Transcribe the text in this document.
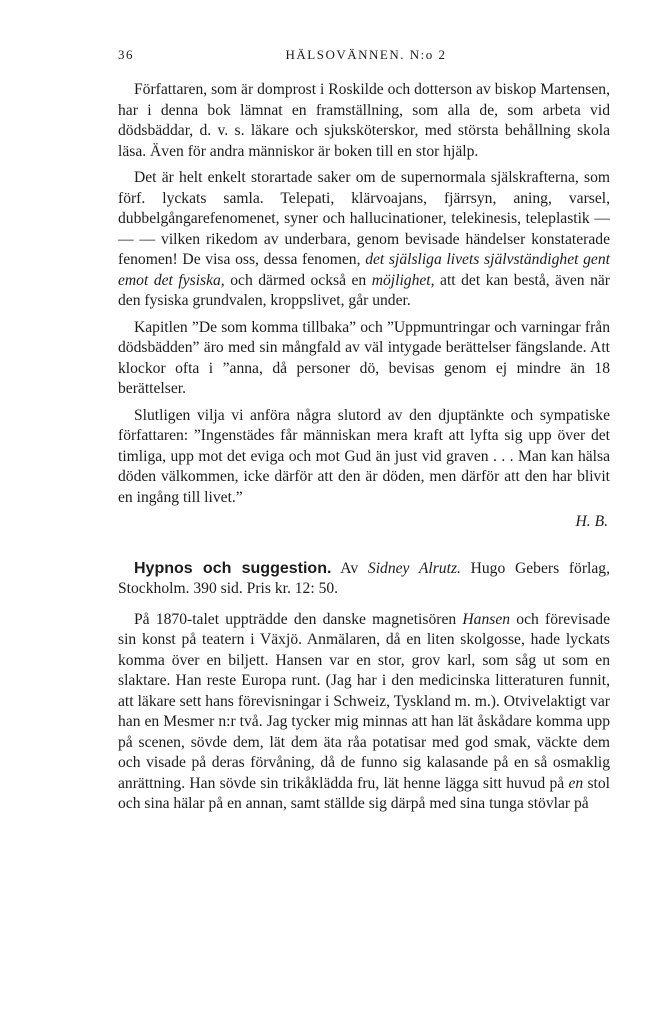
36	HÄLSOVÄNNEN. N:o 2

Författaren, som är domprost i Roskilde och dotterson av biskop Martensen, har i denna bok lämnat en framställning, som alla de, som arbeta vid dödsbäddar, d. v. s. läkare och sjuksköterskor, med största behållning skola läsa. Även för andra människor är boken till en stor hjälp.

Det är helt enkelt storartade saker om de supernormala själskrafterna, som förf. lyckats samla. Telepati, klärvoajans, fjärrsyn, aning, varsel, dubbelgångarefenomenet, syner och hallucinationer, telekinesis, teleplastik — — — vilken rikedom av underbara, genom bevisade händelser konstaterade fenomen! De visa oss, dessa fenomen, det själsliga livets självständighet gent emot det fysiska, och därmed också en möjlighet, att det kan bestå, även när den fysiska grundvalen, kroppslivet, går under.

Kapitlen ”De som komma tillbaka” och ”Uppmuntringar och varningar från dödsbädden” äro med sin mångfald av väl intygade berättelser fängslande. Att klockor ofta i ”anna, då personer dö, bevisas genom ej mindre än 18 berättelser.

Slutligen vilja vi anföra några slutord av den djuptänkte och sympatiske författaren: ”Ingenstädes får människan mera kraft att lyfta sig upp över det timliga, upp mot det eviga och mot Gud än just vid graven . . . Man kan hälsa döden välkommen, icke därför att den är döden, men därför att den har blivit en ingång till livet.”

H. B.

Hypnos och suggestion. Av Sidney Alrutz. Hugo Gebers förlag, Stockholm. 390 sid. Pris kr. 12: 50.

På 1870-talet uppträdde den danske magnetisören Hansen och förevisade sin konst på teatern i Växjö. Anmälaren, då en liten skolgosse, hade lyckats komma över en biljett. Hansen var en stor, grov karl, som såg ut som en slaktare. Han reste Europa runt. (Jag har i den medicinska litteraturen funnit, att läkare sett hans förevisningar i Schweiz, Tyskland m. m.). Otvivelaktigt var han en Mesmer n:r två. Jag tycker mig minnas att han lät åskådare komma upp på scenen, sövde dem, lät dem äta råa potatisar med god smak, väckte dem och visade på deras förvåning, då de funno sig kalasande på en så osmaklig anrättning. Han sövde sin trikåklädda fru, lät henne lägga sitt huvud på en stol och sina hälar på en annan, samt ställde sig därpå med sina tunga stövlar på
